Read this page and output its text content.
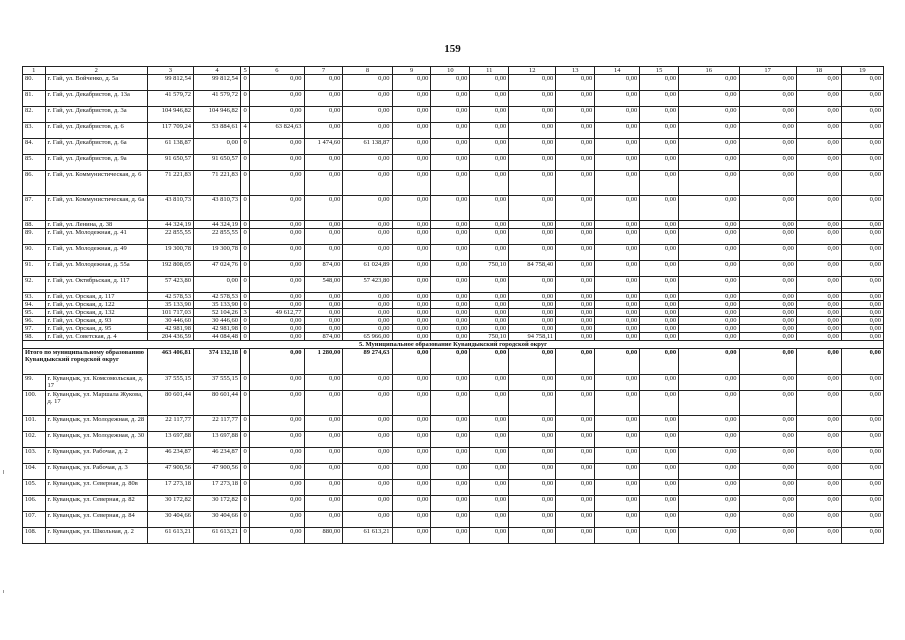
159
1	2	3	4	5	6	7	8	9	10	11	12	13	14	15	16	17	18	19
80.	г. Гай, ул. Войченко, д. 5а	99 812,54	99 812,54	0	0,00	0,00	0,00	0,00	0,00	0,00	0,00	0,00	0,00	0,00	0,00	0,00	0,00	0,00
81.	г. Гай, ул. Декабристов, д. 13а	41 579,72	41 579,72	0	0,00	0,00	0,00	0,00	0,00	0,00	0,00	0,00	0,00	0,00	0,00	0,00	0,00	0,00
82.	г. Гай, ул. Декабристов, д. 3а	104 946,82	104 946,82	0	0,00	0,00	0,00	0,00	0,00	0,00	0,00	0,00	0,00	0,00	0,00	0,00	0,00	0,00
83.	г. Гай, ул. Декабристов, д. 6	117 709,24	53 884,61	4	63 824,63	0,00	0,00	0,00	0,00	0,00	0,00	0,00	0,00	0,00	0,00	0,00	0,00	0,00
84.	г. Гай, ул. Декабристов, д. 6а	61 138,87	0,00	0	0,00	1 474,60	61 138,87	0,00	0,00	0,00	0,00	0,00	0,00	0,00	0,00	0,00	0,00	0,00
85.	г. Гай, ул. Декабристов, д. 9а	91 650,57	91 650,57	0	0,00	0,00	0,00	0,00	0,00	0,00	0,00	0,00	0,00	0,00	0,00	0,00	0,00	0,00
86.	г. Гай, ул. Коммунистическая, д. 6	71 221,83	71 221,83	0	0,00	0,00	0,00	0,00	0,00	0,00	0,00	0,00	0,00	0,00	0,00	0,00	0,00	0,00
87.	г. Гай, ул. Коммунистическая, д. 6а	43 810,73	43 810,73	0	0,00	0,00	0,00	0,00	0,00	0,00	0,00	0,00	0,00	0,00	0,00	0,00	0,00	0,00
88.	г. Гай, ул. Ленина, д. 38	44 324,19	44 324,19	0	0,00	0,00	0,00	0,00	0,00	0,00	0,00	0,00	0,00	0,00	0,00	0,00	0,00	0,00
89.	г. Гай, ул. Молодежная, д. 41	22 855,55	22 855,55	0	0,00	0,00	0,00	0,00	0,00	0,00	0,00	0,00	0,00	0,00	0,00	0,00	0,00	0,00
90.	г. Гай, ул. Молодежная, д. 49	19 300,78	19 300,78	0	0,00	0,00	0,00	0,00	0,00	0,00	0,00	0,00	0,00	0,00	0,00	0,00	0,00	0,00
91.	г. Гай, ул. Молодежная, д. 55а	192 808,05	47 024,76	0	0,00	874,00	61 024,89	0,00	0,00	750,10	84 758,40	0,00	0,00	0,00	0,00	0,00	0,00	0,00
92.	г. Гай, ул. Октябрьская, д. 117	57 423,80	0,00	0	0,00	548,00	57 423,80	0,00	0,00	0,00	0,00	0,00	0,00	0,00	0,00	0,00	0,00	0,00
93.	г. Гай, ул. Орская, д. 117	42 578,53	42 578,53	0	0,00	0,00	0,00	0,00	0,00	0,00	0,00	0,00	0,00	0,00	0,00	0,00	0,00	0,00
94.	г. Гай, ул. Орская, д. 122	35 133,90	35 133,90	0	0,00	0,00	0,00	0,00	0,00	0,00	0,00	0,00	0,00	0,00	0,00	0,00	0,00	0,00
95.	г. Гай, ул. Орская, д. 132	101 717,03	52 104,26	3	49 612,77	0,00	0,00	0,00	0,00	0,00	0,00	0,00	0,00	0,00	0,00	0,00	0,00	0,00
96.	г. Гай, ул. Орская, д. 93	30 446,60	30 446,60	0	0,00	0,00	0,00	0,00	0,00	0,00	0,00	0,00	0,00	0,00	0,00	0,00	0,00	0,00
97.	г. Гай, ул. Орская, д. 95	42 981,98	42 981,98	0	0,00	0,00	0,00	0,00	0,00	0,00	0,00	0,00	0,00	0,00	0,00	0,00	0,00	0,00
98.	г. Гай, ул. Советская, д. 4	204 436,59	44 084,48	0	0,00	874,00	65 966,00	0,00	0,00	750,10	94 758,11	0,00	0,00	0,00	0,00	0,00	0,00	0,00
5. Муниципальное образование Кувандыкский городской округ																		
Итого по муниципальному образованию Кувандыкский городской округ		463 406,81	374 132,18	0	0,00	1 280,00	89 274,63	0,00	0,00	0,00	0,00	0,00	0,00	0,00	0,00	0,00	0,00	0,00
99.	г. Кувандык, ул. Комсомольская, д. 17	37 555,15	37 555,15	0	0,00	0,00	0,00	0,00	0,00	0,00	0,00	0,00	0,00	0,00	0,00	0,00	0,00	0,00
100.	г. Кувандык, ул. Маршала Жукова, д. 17	80 601,44	80 601,44	0	0,00	0,00	0,00	0,00	0,00	0,00	0,00	0,00	0,00	0,00	0,00	0,00	0,00	0,00
101.	г. Кувандык, ул. Молодежная, д. 28	22 117,77	22 117,77	0	0,00	0,00	0,00	0,00	0,00	0,00	0,00	0,00	0,00	0,00	0,00	0,00	0,00	0,00
102.	г. Кувандык, ул. Молодежная, д. 30	13 697,88	13 697,88	0	0,00	0,00	0,00	0,00	0,00	0,00	0,00	0,00	0,00	0,00	0,00	0,00	0,00	0,00
103.	г. Кувандык, ул. Рабочая, д. 2	46 234,87	46 234,87	0	0,00	0,00	0,00	0,00	0,00	0,00	0,00	0,00	0,00	0,00	0,00	0,00	0,00	0,00
104.	г. Кувандык, ул. Рабочая, д. 3	47 900,56	47 900,56	0	0,00	0,00	0,00	0,00	0,00	0,00	0,00	0,00	0,00	0,00	0,00	0,00	0,00	0,00
105.	г. Кувандык, ул. Северная, д. 80в	17 273,18	17 273,18	0	0,00	0,00	0,00	0,00	0,00	0,00	0,00	0,00	0,00	0,00	0,00	0,00	0,00	0,00
106.	г. Кувандык, ул. Северная, д. 82	30 172,82	30 172,82	0	0,00	0,00	0,00	0,00	0,00	0,00	0,00	0,00	0,00	0,00	0,00	0,00	0,00	0,00
107.	г. Кувандык, ул. Северная, д. 84	30 404,66	30 404,66	0	0,00	0,00	0,00	0,00	0,00	0,00	0,00	0,00	0,00	0,00	0,00	0,00	0,00	0,00
108.	г. Кувандык, ул. Школьная, д. 2	61 613,21	61 613,21	0	0,00	880,00	61 613,21	0,00	0,00	0,00	0,00	0,00	0,00	0,00	0,00	0,00	0,00	0,00
